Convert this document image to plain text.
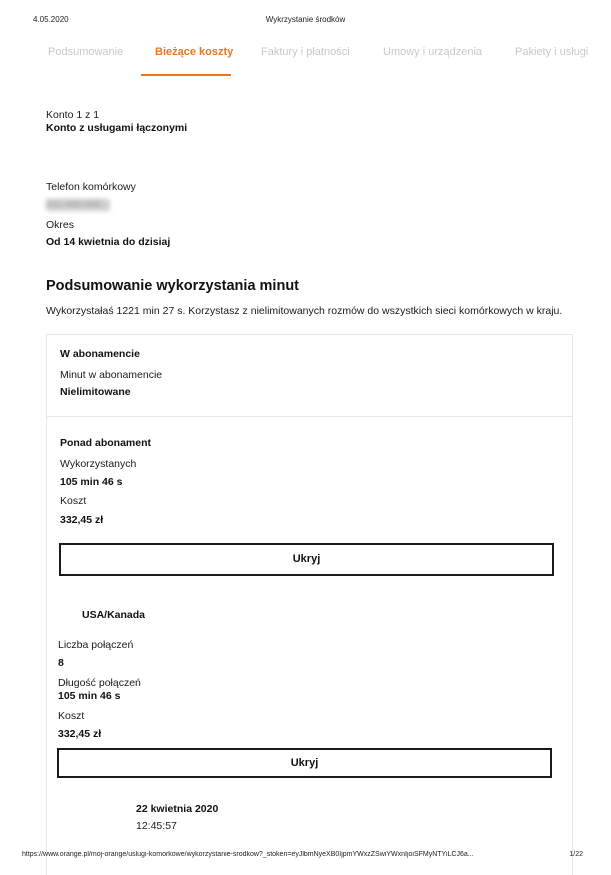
4.05.2020	Wykrzystanie środków
Podsumowanie	Bieżące koszty	Faktury i płatności	Umowy i urządzenia	Pakiety i usługi
Konto 1 z 1
Konto z usługami łączonymi
Telefon komórkowy
511 090 000
Okres
Od 14 kwietnia do dzisiaj
Podsumowanie wykorzystania minut
Wykorzystałaś 1221 min 27 s. Korzystasz z nielimitowanych rozmów do wszystkich sieci komórkowych w kraju.
W abonamencie
Minut w abonamencie
Nielimitowane
Ponad abonament
Wykorzystanych
105 min 46 s
Koszt
332,45 zł
Ukryj
USA/Kanada
Liczba połączeń
8
Długość połączeń
105 min 46 s
Koszt
332,45 zł
Ukryj
22 kwietnia 2020
12:45:57
https://www.orange.pl/moj-orange/uslugi-komorkowe/wykorzystanie-srodkow?_stoken=eyJlbmNyeXB0IjpmYWxzZSwiYWxnIjoiSFMyNTYiLCJ6a...	1/22
